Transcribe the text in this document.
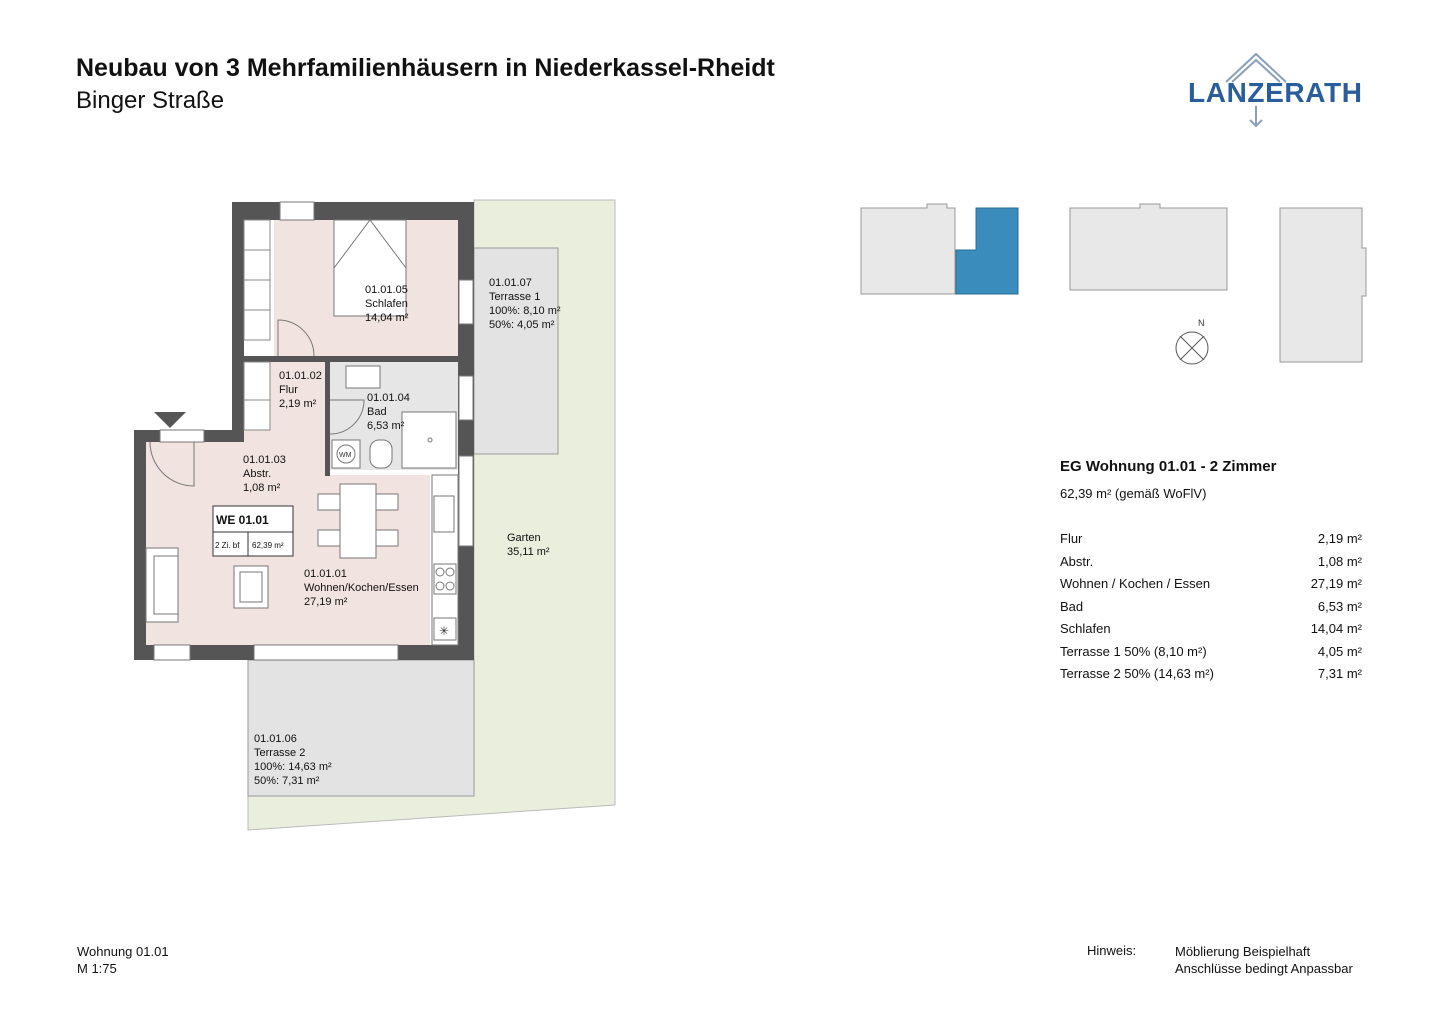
Neubau von 3 Mehrfamilienhäusern in Niederkassel-Rheidt
Binger Straße	LANZERATH
WM
✳
WE 01.01
2 Zi. bf 62,39 m²
01.01.05
Schlafen
14,04 m²
01.01.07
Terrasse 1
100%: 8,10 m²
50%: 4,05 m²
01.01.02
Flur
2,19 m²	01.01.04
Bad
6,53 m²
01.01.03
Abstr.
1,08 m²
01.01.01
Wohnen/Kochen/Essen
27,19 m²
01.01.06
Terrasse 2
100%: 14,63 m²
50%: 7,31 m²
Garten
35,11 m²
N
EG Wohnung 01.01 - 2 Zimmer
62,39 m² (gemäß WoFlV)
Flur	2,19 m²
Abstr.	1,08 m²
Wohnen / Kochen / Essen	27,19 m²
Bad	6,53 m²
Schlafen	14,04 m²
Terrasse 1 50% (8,10 m²)	4,05 m²
Terrasse 2 50% (14,63 m²)	7,31 m²
Wohnung 01.01
M 1:75
Hinweis:	Möblierung Beispielhaft
Anschlüsse bedingt Anpassbar
